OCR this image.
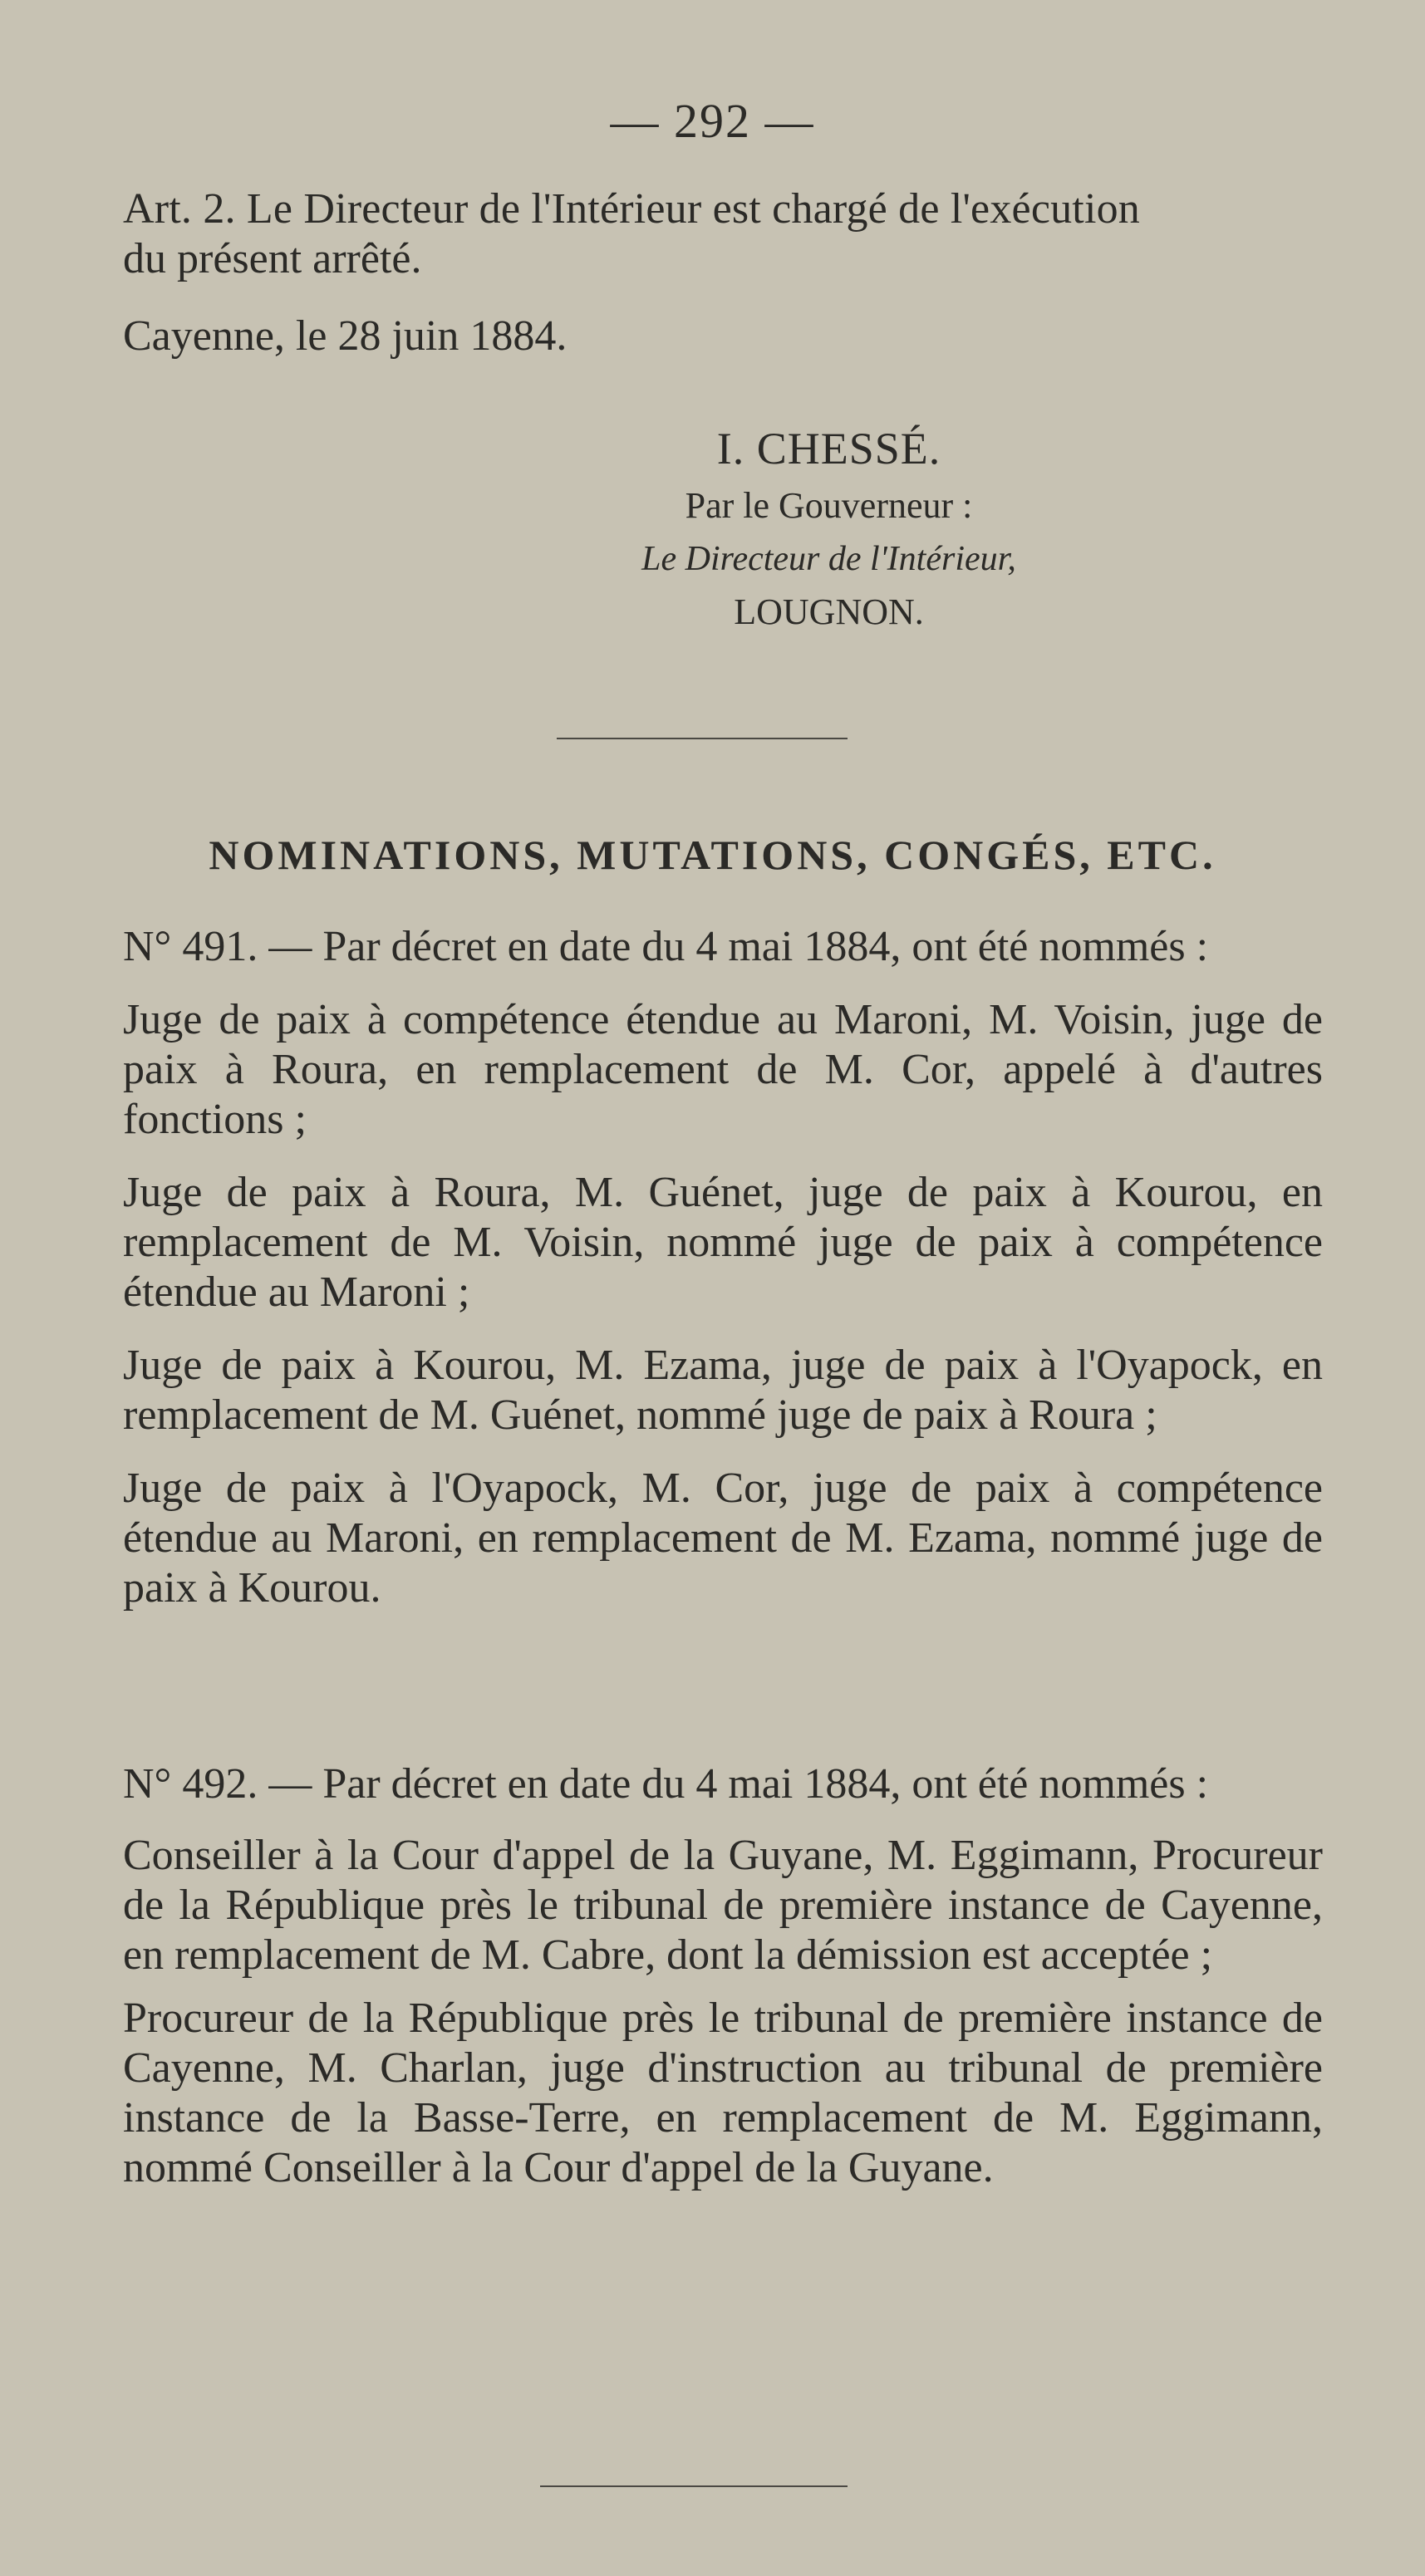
— 292 —

Art. 2. Le Directeur de l'Intérieur est chargé de l'exécution

du présent arrêté.

Cayenne, le 28 juin 1884.

I. CHESSÉ.
Par le Gouverneur :
Le Directeur de l'Intérieur,
LOUGNON.
NOMINATIONS, MUTATIONS, CONGÉS, ETC.

N° 491. — Par décret en date du 4 mai 1884, ont été nommés :

Juge de paix à compétence étendue au Maroni, M. Voisin, juge de paix à Roura, en remplacement de M. Cor, appelé à d'autres fonctions ;

Juge de paix à Roura, M. Guénet, juge de paix à Kourou, en remplacement de M. Voisin, nommé juge de paix à compétence étendue au Maroni ;

Juge de paix à Kourou, M. Ezama, juge de paix à l'Oyapock, en remplacement de M. Guénet, nommé juge de paix à Roura ;

Juge de paix à l'Oyapock, M. Cor, juge de paix à compétence étendue au Maroni, en remplacement de M. Ezama, nommé juge de paix à Kourou.

N° 492. — Par décret en date du 4 mai 1884, ont été nommés :

Conseiller à la Cour d'appel de la Guyane, M. Eggimann, Procureur de la République près le tribunal de première instance de Cayenne, en remplacement de M. Cabre, dont la démission est acceptée ;

Procureur de la République près le tribunal de première instance de Cayenne, M. Charlan, juge d'instruction au tribunal de première instance de la Basse-Terre, en remplacement de M. Eggimann, nommé Conseiller à la Cour d'appel de la Guyane.
